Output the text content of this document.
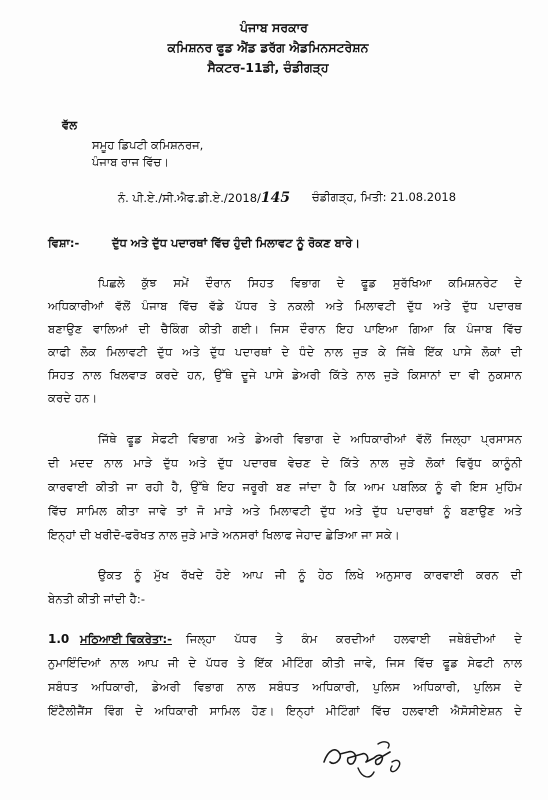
ਪੰਜਾਬ ਸਰਕਾਰ
ਕਮਿਸ਼ਨਰ ਫੂਡ ਐਂਡ ਡਰੱਗ ਐਡਮਿਨਸਟਰੇਸ਼ਨ
ਸੈਕਟਰ-11ਡੀ, ਚੰਡੀਗੜ੍ਹ
ਵੱਲ
ਸਮੂਹ ਡਿਪਟੀ ਕਮਿਸ਼ਨਰਜ,
ਪੰਜਾਬ ਰਾਜ ਵਿੱਚ।
ਨੰ. ਪੀ.ਏ./ਸੀ.ਐਫ.ਡੀ.ਏ./2018/145 ਚੰਡੀਗੜ੍ਹ, ਮਿਤੀ: 21.08.2018
ਵਿਸ਼ਾ:-	ਦੁੱਧ ਅਤੇ ਦੁੱਧ ਪਦਾਰਥਾਂ ਵਿੱਚ ਹੁੰਦੀ ਮਿਲਾਵਟ ਨੂੰ ਰੋਕਣ ਬਾਰੇ।
ਪਿਛਲੇ ਕੁੱਝ ਸਮੇਂ ਦੌਰਾਨ ਸਿਹਤ ਵਿਭਾਗ ਦੇ ਫੂਡ ਸੁਰੱਖਿਆ ਕਮਿਸ਼ਨਰੇਟ ਦੇ
ਅਧਿਕਾਰੀਆਂ ਵੱਲੋਂ ਪੰਜਾਬ ਵਿੱਚ ਵੱਡੇ ਪੱਧਰ ਤੇ ਨਕਲੀ ਅਤੇ ਮਿਲਾਵਟੀ ਦੁੱਧ ਅਤੇ ਦੁੱਧ ਪਦਾਰਥ
ਬਣਾਉਣ ਵਾਲਿਆਂ ਦੀ ਚੈਕਿੰਗ ਕੀਤੀ ਗਈ। ਜਿਸ ਦੌਰਾਨ ਇਹ ਪਾਇਆ ਗਿਆ ਕਿ ਪੰਜਾਬ ਵਿੱਚ
ਕਾਫੀ ਲੋਕ ਮਿਲਾਵਟੀ ਦੁੱਧ ਅਤੇ ਦੁੱਧ ਪਦਾਰਥਾਂ ਦੇ ਧੰਦੇ ਨਾਲ ਜੁੜ ਕੇ ਜਿੱਥੇ ਇੱਕ ਪਾਸੇ ਲੋਕਾਂ ਦੀ
ਸਿਹਤ ਨਾਲ ਖਿਲਵਾੜ ਕਰਦੇ ਹਨ, ਉੱਥੇ ਦੂਜੇ ਪਾਸੇ ਡੇਅਰੀ ਕਿੱਤੇ ਨਾਲ ਜੁੜੇ ਕਿਸਾਨਾਂ ਦਾ ਵੀ ਨੁਕਸਾਨ
ਕਰਦੇ ਹਨ।
ਜਿੱਥੇ ਫੂਡ ਸੇਫਟੀ ਵਿਭਾਗ ਅਤੇ ਡੇਅਰੀ ਵਿਭਾਗ ਦੇ ਅਧਿਕਾਰੀਆਂ ਵੱਲੋਂ ਜਿਲ੍ਹਾ ਪ੍ਰਸਾਸਨ
ਦੀ ਮਦਦ ਨਾਲ ਮਾੜੇ ਦੁੱਧ ਅਤੇ ਦੁੱਧ ਪਦਾਰਥ ਵੇਚਣ ਦੇ ਕਿੱਤੇ ਨਾਲ ਜੁੜੇ ਲੋਕਾਂ ਵਿਰੁੱਧ ਕਾਨੂੰਨੀ
ਕਾਰਵਾਈ ਕੀਤੀ ਜਾ ਰਹੀ ਹੈ, ਉੱਥੇ ਇਹ ਜਰੂਰੀ ਬਣ ਜਾਂਦਾ ਹੈ ਕਿ ਆਮ ਪਬਲਿਕ ਨੂੰ ਵੀ ਇਸ ਮੁਹਿੰਮ
ਵਿੱਚ ਸਾਮਿਲ ਕੀਤਾ ਜਾਵੇ ਤਾਂ ਜੋ ਮਾੜੇ ਅਤੇ ਮਿਲਾਵਟੀ ਦੁੱਧ ਅਤੇ ਦੁੱਧ ਪਦਾਰਥਾਂ ਨੂੰ ਬਣਾਉਣ ਅਤੇ
ਇਨ੍ਹਾਂ ਦੀ ਖਰੀਦੋ-ਫਰੋਖਤ ਨਾਲ ਜੁੜੇ ਮਾੜੇ ਅਨਸਰਾਂ ਖਿਲਾਫ ਜੇਹਾਦ ਛੇੜਿਆ ਜਾ ਸਕੇ।
ਉਕਤ ਨੂੰ ਮੁੱਖ ਰੱਖਦੇ ਹੋਏ ਆਪ ਜੀ ਨੂੰ ਹੇਠ ਲਿਖੇ ਅਨੁਸਾਰ ਕਾਰਵਾਈ ਕਰਨ ਦੀ
ਬੇਨਤੀ ਕੀਤੀ ਜਾਂਦੀ ਹੈ:-
1.0 ਮਠਿਆਈ ਵਿਕਰੇਤਾ:- ਜਿਲ੍ਹਾ ਪੱਧਰ ਤੇ ਕੰਮ ਕਰਦੀਆਂ ਹਲਵਾਈ ਜਥੇਬੰਦੀਆਂ ਦੇ
ਨੁਮਾਇੰਦਿਆਂ ਨਾਲ ਆਪ ਜੀ ਦੇ ਪੱਧਰ ਤੇ ਇੱਕ ਮੀਟਿੰਗ ਕੀਤੀ ਜਾਵੇ, ਜਿਸ ਵਿੱਚ ਫੂਡ ਸੇਫਟੀ ਨਾਲ
ਸਬੰਧਤ ਅਧਿਕਾਰੀ, ਡੇਅਰੀ ਵਿਭਾਗ ਨਾਲ ਸਬੰਧਤ ਅਧਿਕਾਰੀ, ਪੁਲਿਸ ਅਧਿਕਾਰੀ, ਪੁਲਿਸ ਦੇ
ਇੰਟੈਲੀਜੈਂਸ ਵਿੰਗ ਦੇ ਅਧਿਕਾਰੀ ਸਾਮਿਲ ਹੋਣ। ਇਨ੍ਹਾਂ ਮੀਟਿੰਗਾਂ ਵਿੱਚ ਹਲਵਾਈ ਐਸੋਸੀਏਸ਼ਨ ਦੇ
